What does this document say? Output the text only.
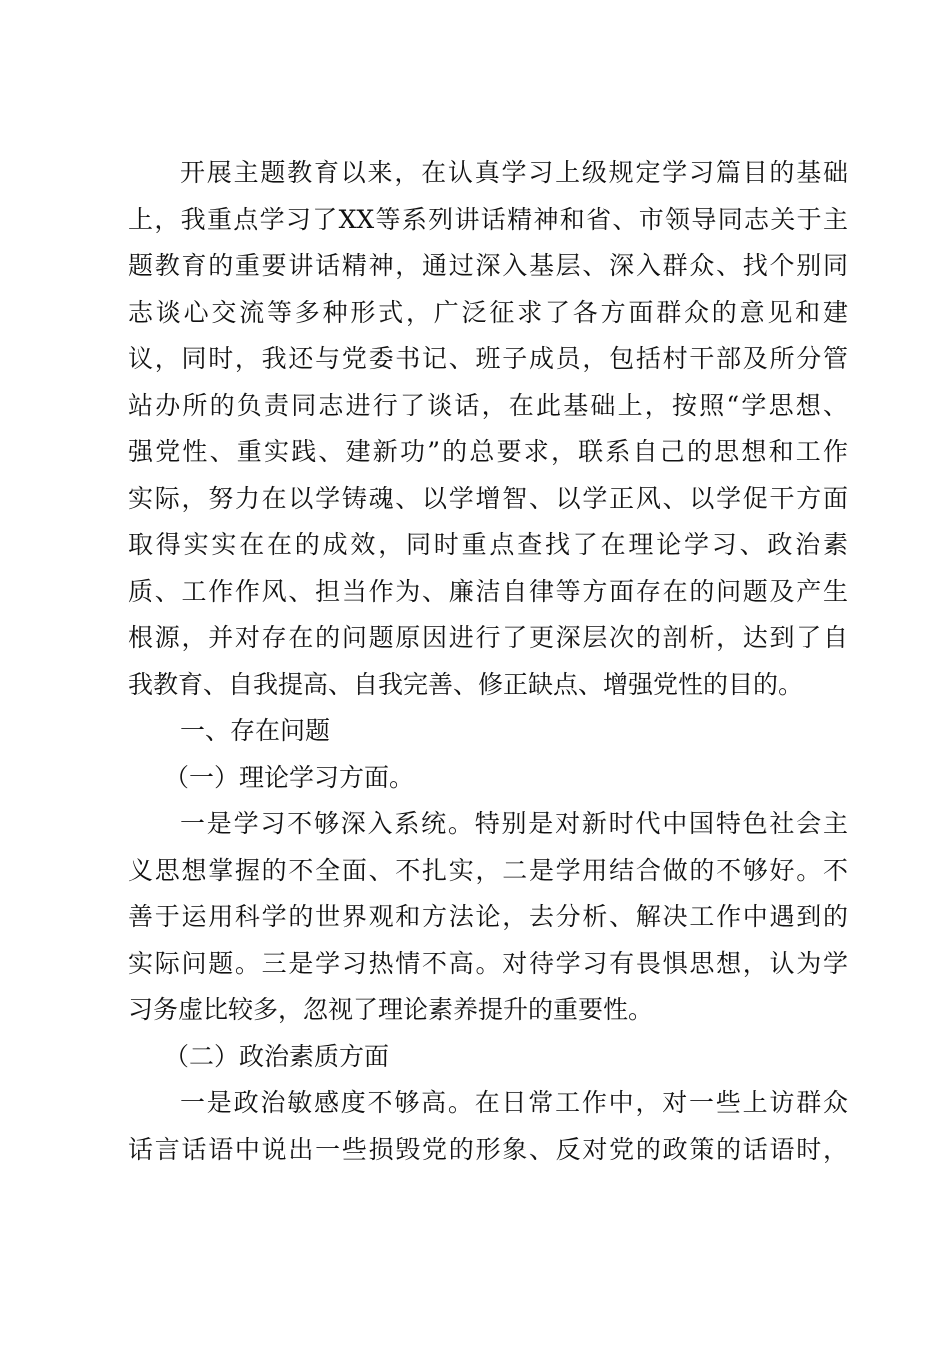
开展主题教育以来，在认真学习上级规定学习篇目的基础
上，我重点学习了XX等系列讲话精神和省、市领导同志关于主
题教育的重要讲话精神，通过深入基层、深入群众、找个别同
志谈心交流等多种形式，广泛征求了各方面群众的意见和建
议，同时，我还与党委书记、班子成员，包括村干部及所分管
站办所的负责同志进行了谈话，在此基础上，按照“学思想、
强党性、重实践、建新功”的总要求，联系自己的思想和工作
实际，努力在以学铸魂、以学增智、以学正风、以学促干方面
取得实实在在的成效，同时重点查找了在理论学习、政治素
质、工作作风、担当作为、廉洁自律等方面存在的问题及产生
根源，并对存在的问题原因进行了更深层次的剖析，达到了自
我教育、自我提高、自我完善、修正缺点、增强党性的目的。
一、存在问题
（一）理论学习方面。
一是学习不够深入系统。特别是对新时代中国特色社会主
义思想掌握的不全面、不扎实，二是学用结合做的不够好。不
善于运用科学的世界观和方法论，去分析、解决工作中遇到的
实际问题。三是学习热情不高。对待学习有畏惧思想，认为学
习务虚比较多，忽视了理论素养提升的重要性。
（二）政治素质方面
一是政治敏感度不够高。在日常工作中，对一些上访群众
话言话语中说出一些损毁党的形象、反对党的政策的话语时，
